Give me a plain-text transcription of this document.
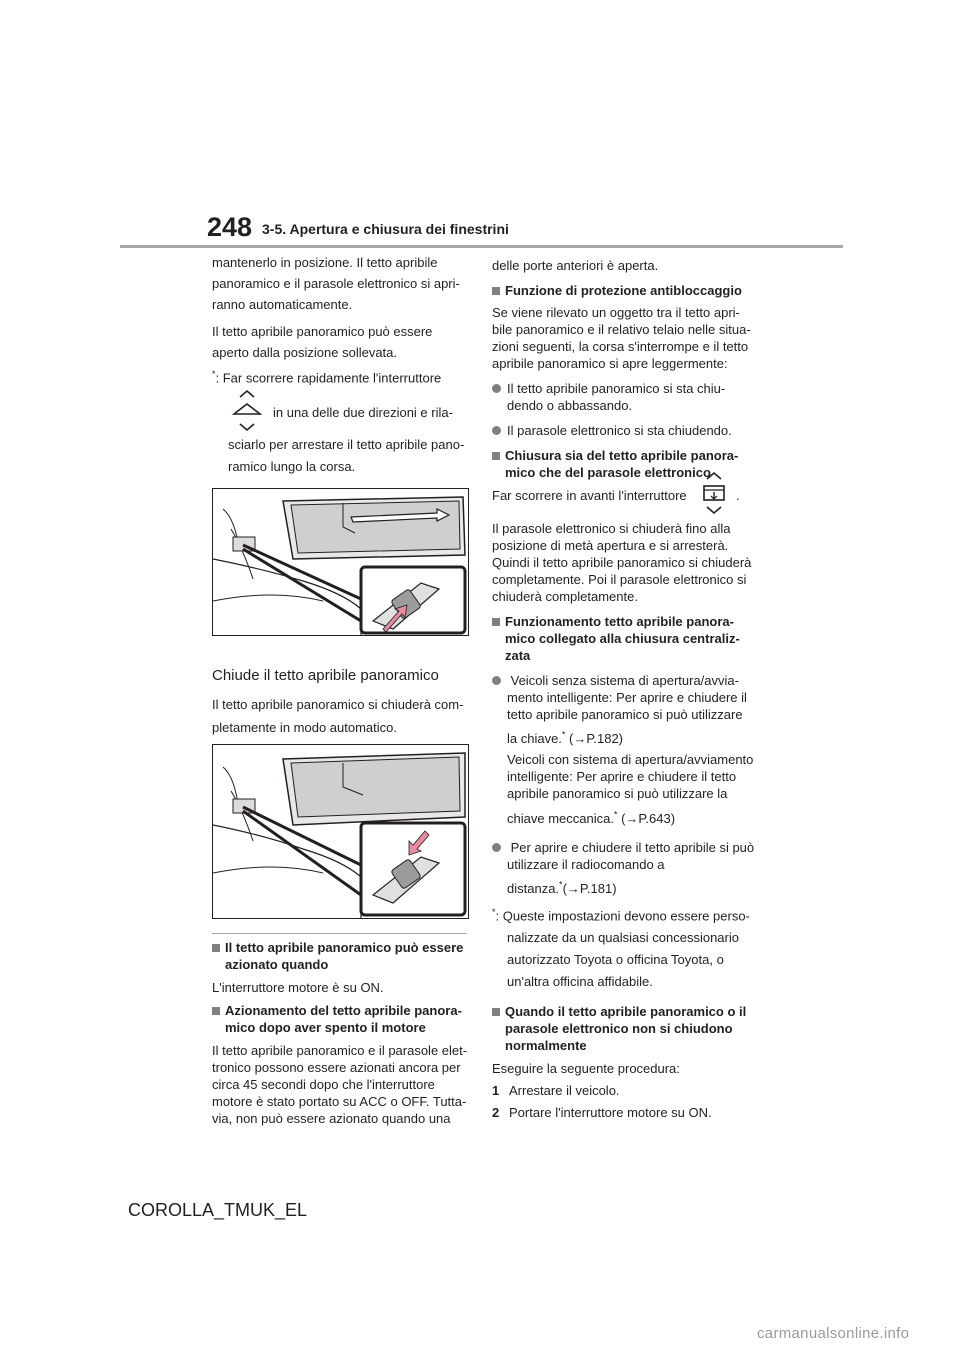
248 3-5. Apertura e chiusura dei finestrini

mantenerlo in posizione. Il tetto apribile
panoramico e il parasole elettronico si apri-
ranno automaticamente.

Il tetto apribile panoramico può essere
aperto dalla posizione sollevata.

*: Far scorrere rapidamente l'interruttore
in una delle due direzioni e rila-
sciarlo per arrestare il tetto apribile pano-
ramico lungo la corsa.
Chiude il tetto apribile panoramico
Il tetto apribile panoramico si chiuderà com-
pletamente in modo automatico.

Il tetto apribile panoramico può essere
azionato quando

L'interruttore motore è su ON.

Azionamento del tetto apribile panora-
mico dopo aver spento il motore

Il tetto apribile panoramico e il parasole elet-
tronico possono essere azionati ancora per
circa 45 secondi dopo che l'interruttore
motore è stato portato su ACC o OFF. Tutta-
via, non può essere azionato quando una

delle porte anteriori è aperta.

Funzione di protezione antibloccaggio

Se viene rilevato un oggetto tra il tetto apri-
bile panoramico e il relativo telaio nelle situa-
zioni seguenti, la corsa s'interrompe e il tetto
apribile panoramico si apre leggermente:

Il tetto apribile panoramico si sta chiu-
dendo o abbassando.

Il parasole elettronico si sta chiudendo.

Chiusura sia del tetto apribile panora-
mico che del parasole elettronico

Far scorrere in avanti l'interruttore	.

Il parasole elettronico si chiuderà fino alla
posizione di metà apertura e si arresterà.
Quindi il tetto apribile panoramico si chiuderà
completamente. Poi il parasole elettronico si
chiuderà completamente.

Funzionamento tetto apribile panora-
mico collegato alla chiusura centraliz-
zata

Veicoli senza sistema di apertura/avvia-
mento intelligente: Per aprire e chiudere il
tetto apribile panoramico si può utilizzare
la chiave.* (→P.182)
Veicoli con sistema di apertura/avviamento
intelligente: Per aprire e chiudere il tetto
apribile panoramico si può utilizzare la
chiave meccanica.* (→P.643)
Per aprire e chiudere il tetto apribile si può
utilizzare il radiocomando a
distanza.*(→P.181)
*: Queste impostazioni devono essere perso-
nalizzate da un qualsiasi concessionario
autorizzato Toyota o officina Toyota, o
un'altra officina affidabile.

Quando il tetto apribile panoramico o il
parasole elettronico non si chiudono
normalmente

Eseguire la seguente procedura:

1 Arrestare il veicolo.

2 Portare l'interruttore motore su ON.

COROLLA_TMUK_EL
carmanualsonline.info
